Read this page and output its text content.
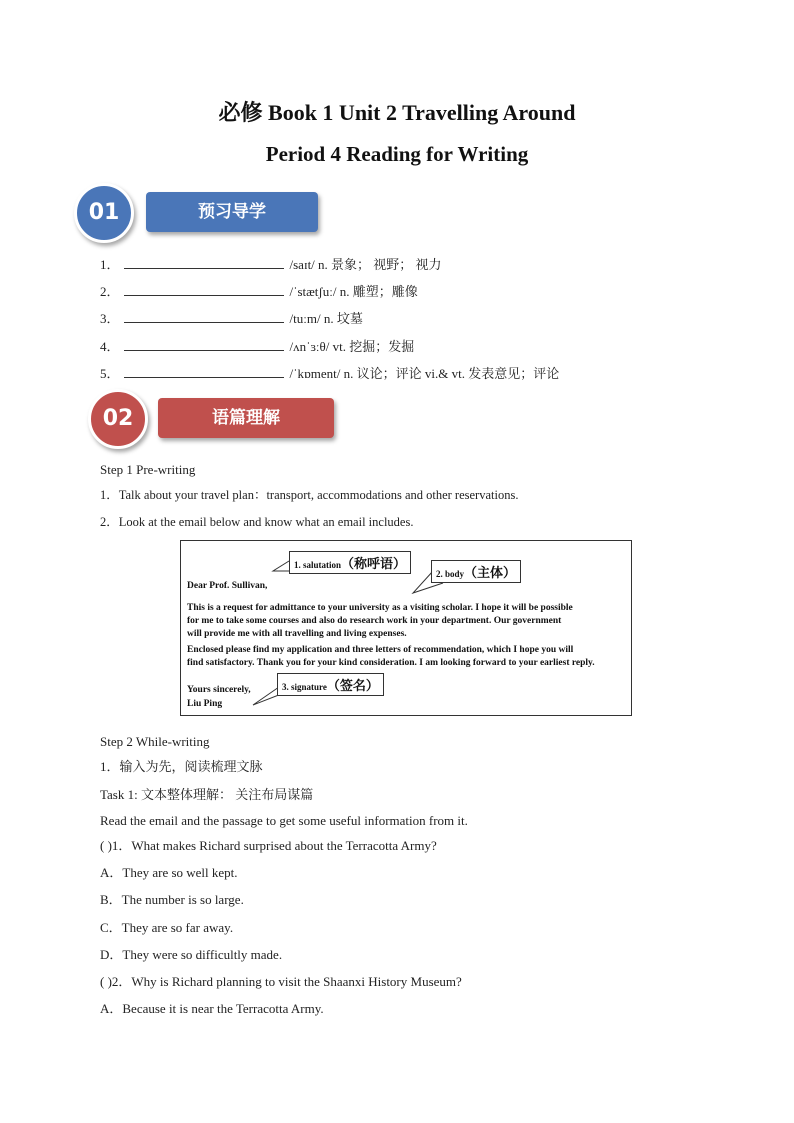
必修 Book 1 Unit 2 Travelling Around
Period 4 Reading for Writing
预习导学
01
1．	/saɪt/ n. 景象； 视野； 视力
2．	/ˈstætʃuː/ n. 雕塑；雕像
3．	/tuːm/ n. 坟墓
4．	/ʌnˈɜːθ/ vt. 挖掘；发掘
5．	/ˈkɒment/ n. 议论；评论 vi.& vt. 发表意见；评论
语篇理解
02
Step 1 Pre-writing
1．Talk about your travel plan：transport, accommodations and other reservations.
2．Look at the email below and know what an email includes.
1. salutation（称呼语）
2. body（主体）
3. signature（签名）
Dear Prof. Sullivan,
This is a request for admittance to your university as a visiting scholar. I hope it will be possible
for me to take some courses and also do research work in your department. Our government
will provide me with all travelling and living expenses.
Enclosed please find my application and three letters of recommendation, which I hope you will
find satisfactory. Thank you for your kind consideration. I am looking forward to your earliest reply.
Yours sincerely,
Liu Ping
Step 2 While-writing
1．输入为先，阅读梳理文脉
Task 1: 文本整体理解： 关注布局谋篇
Read the email and the passage to get some useful information from it.
( )1．What makes Richard surprised about the Terracotta Army?
A．They are so well kept.
B．The number is so large.
C．They are so far away.
D．They were so difficultly made.
( )2．Why is Richard planning to visit the Shaanxi History Museum?
A．Because it is near the Terracotta Army.
